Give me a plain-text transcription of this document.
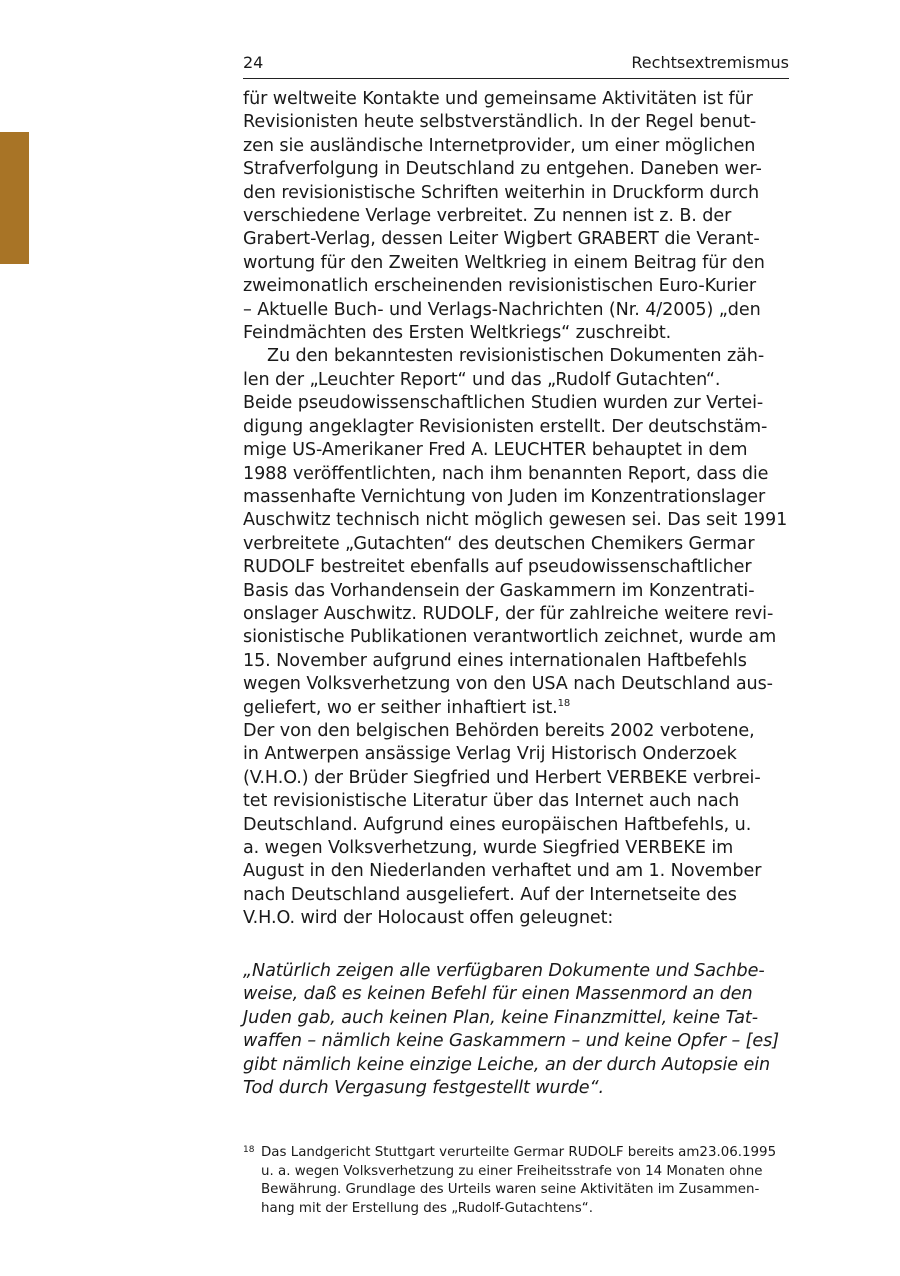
24	Rechtsextremismus
für weltweite Kontakte und gemeinsame Aktivitäten ist für
Revisionisten heute selbstverständlich. In der Regel benut-
zen sie ausländische Internetprovider, um einer möglichen
Strafverfolgung in Deutschland zu entgehen. Daneben wer-
den revisionistische Schriften weiterhin in Druckform durch
verschiedene Verlage verbreitet. Zu nennen ist z. B. der
Grabert-Verlag, dessen Leiter Wigbert GRABERT die Verant-
wortung für den Zweiten Weltkrieg in einem Beitrag für den
zweimonatlich erscheinenden revisionistischen Euro-Kurier
– Aktuelle Buch- und Verlags-Nachrichten (Nr. 4/2005) „den
Feindmächten des Ersten Weltkriegs“ zuschreibt.
Zu den bekanntesten revisionistischen Dokumenten zäh-
len der „Leuchter Report“ und das „Rudolf Gutachten“.
Beide pseudowissenschaftlichen Studien wurden zur Vertei-
digung angeklagter Revisionisten erstellt. Der deutschstäm-
mige US-Amerikaner Fred A. LEUCHTER behauptet in dem
1988 veröffentlichten, nach ihm benannten Report, dass die
massenhafte Vernichtung von Juden im Konzentrationslager
Auschwitz technisch nicht möglich gewesen sei. Das seit 1991
verbreitete „Gutachten“ des deutschen Chemikers Germar
RUDOLF bestreitet ebenfalls auf pseudowissenschaftlicher
Basis das Vorhandensein der Gaskammern im Konzentrati-
onslager Auschwitz. RUDOLF, der für zahlreiche weitere revi-
sionistische Publikationen verantwortlich zeichnet, wurde am
15. November aufgrund eines internationalen Haftbefehls
wegen Volksverhetzung von den USA nach Deutschland aus-
geliefert, wo er seither inhaftiert ist.$^{18}$
Der von den belgischen Behörden bereits 2002 verbotene,
in Antwerpen ansässige Verlag Vrij Historisch Onderzoek
(V.H.O.) der Brüder Siegfried und Herbert VERBEKE verbrei-
tet revisionistische Literatur über das Internet auch nach
Deutschland. Aufgrund eines europäischen Haftbefehls, u.
a. wegen Volksverhetzung, wurde Siegfried VERBEKE im
August in den Niederlanden verhaftet und am 1. November
nach Deutschland ausgeliefert. Auf der Internetseite des
V.H.O. wird der Holocaust offen geleugnet:
„Natürlich zeigen alle verfügbaren Dokumente und Sachbe-
weise, daß es keinen Befehl für einen Massenmord an den
Juden gab, auch keinen Plan, keine Finanzmittel, keine Tat-
waffen – nämlich keine Gaskammern – und keine Opfer – [es]
gibt nämlich keine einzige Leiche, an der durch Autopsie ein
Tod durch Vergasung festgestellt wurde“.
18 Das Landgericht Stuttgart verurteilte Germar RUDOLF bereits am23.06.1995
u. a. wegen Volksverhetzung zu einer Freiheitsstrafe von 14 Monaten ohne
Bewährung. Grundlage des Urteils waren seine Aktivitäten im Zusammen-
hang mit der Erstellung des „Rudolf-Gutachtens“.
